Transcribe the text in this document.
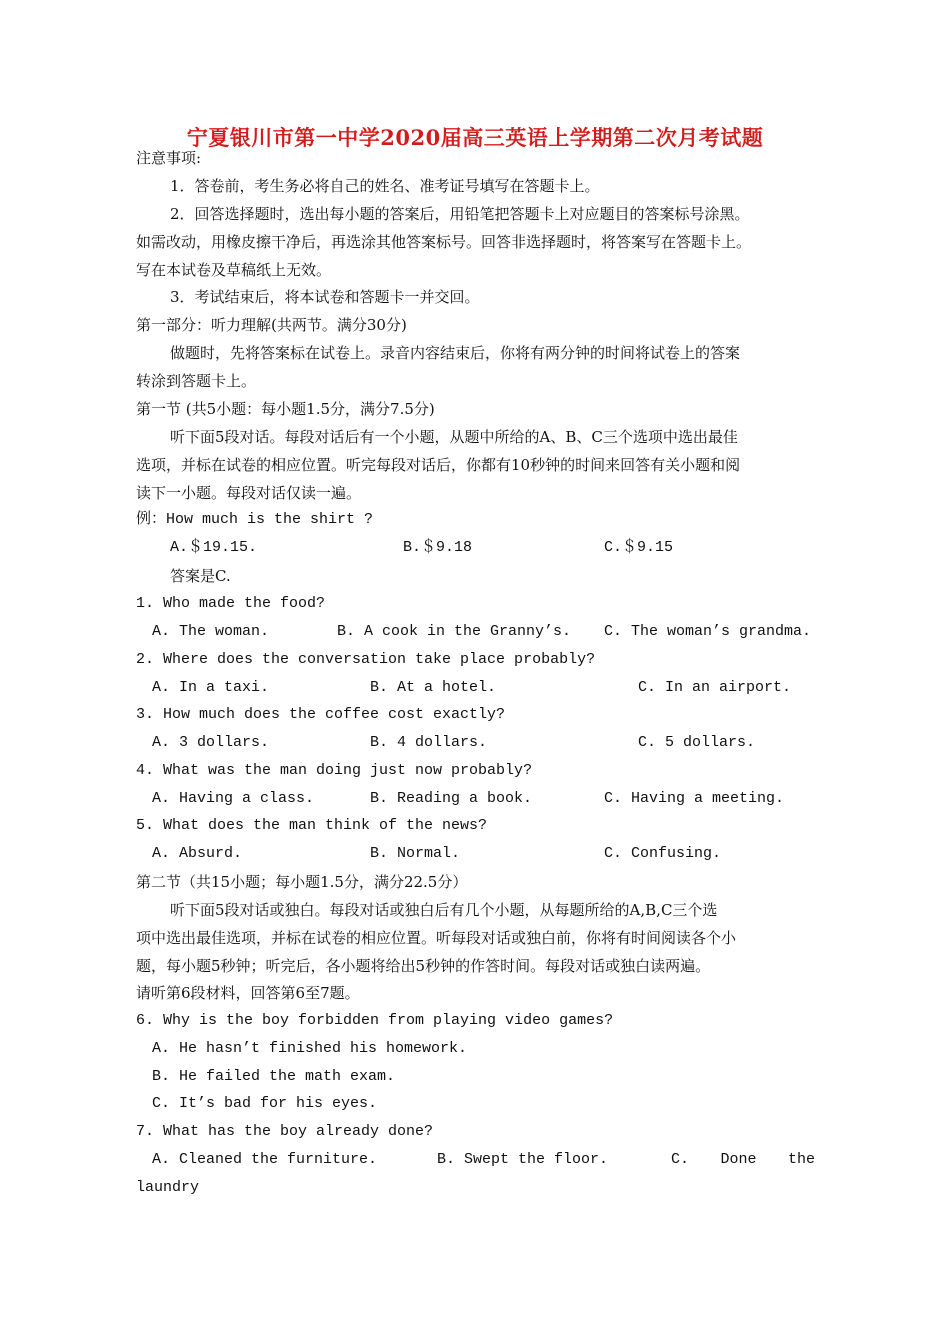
宁夏银川市第一中学2020届高三英语上学期第二次月考试题
注意事项:
1．答卷前，考生务必将自己的姓名、准考证号填写在答题卡上。
2．回答选择题时，选出每小题的答案后，用铅笔把答题卡上对应题目的答案标号涂黑。
如需改动，用橡皮擦干净后，再选涂其他答案标号。回答非选择题时，将答案写在答题卡上。
写在本试卷及草稿纸上无效。
3．考试结束后，将本试卷和答题卡一并交回。
第一部分：听力理解(共两节。满分30分)
做题时，先将答案标在试卷上。录音内容结束后，你将有两分钟的时间将试卷上的答案
转涂到答题卡上。
第一节 (共5小题：每小题1.5分，满分7.5分)
听下面5段对话。每段对话后有一个小题，从题中所给的A、B、C三个选项中选出最佳
选项，并标在试卷的相应位置。听完每段对话后，你都有10秒钟的时间来回答有关小题和阅
读下一小题。每段对话仅读一遍。
例：How much is the shirt ?
A.＄19.15.	B.＄9.18	C.＄9.15
答案是C.
1. Who made the food?
A. The woman.	B. A cook in the Granny’s. C. The woman’s grandma.
2. Where does the conversation take place probably?
A. In a taxi.	B. At a hotel.	C. In an airport.
3. How much does the coffee cost exactly?
A. 3 dollars.	B. 4 dollars.	C. 5 dollars.
4. What was the man doing just now probably?
A. Having a class.	B. Reading a book.	C. Having a meeting.
5. What does the man think of the news?
A. Absurd.	B. Normal.	C. Confusing.
第二节（共15小题；每小题1.5分，满分22.5分）
听下面5段对话或独白。每段对话或独白后有几个小题，从每题所给的A,B,C三个选
项中选出最佳选项，并标在试卷的相应位置。听每段对话或独白前，你将有时间阅读各个小
题，每小题5秒钟；听完后，各小题将给出5秒钟的作答时间。每段对话或独白读两遍。
请听第6段材料，回答第6至7题。
6. Why is the boy forbidden from playing video games?
A. He hasn’t finished his homework.
B. He failed the math exam.
C. It’s bad for his eyes.
7. What has the boy already done?
A. Cleaned the furniture.	B. Swept the floor.	C. Done the
laundry
